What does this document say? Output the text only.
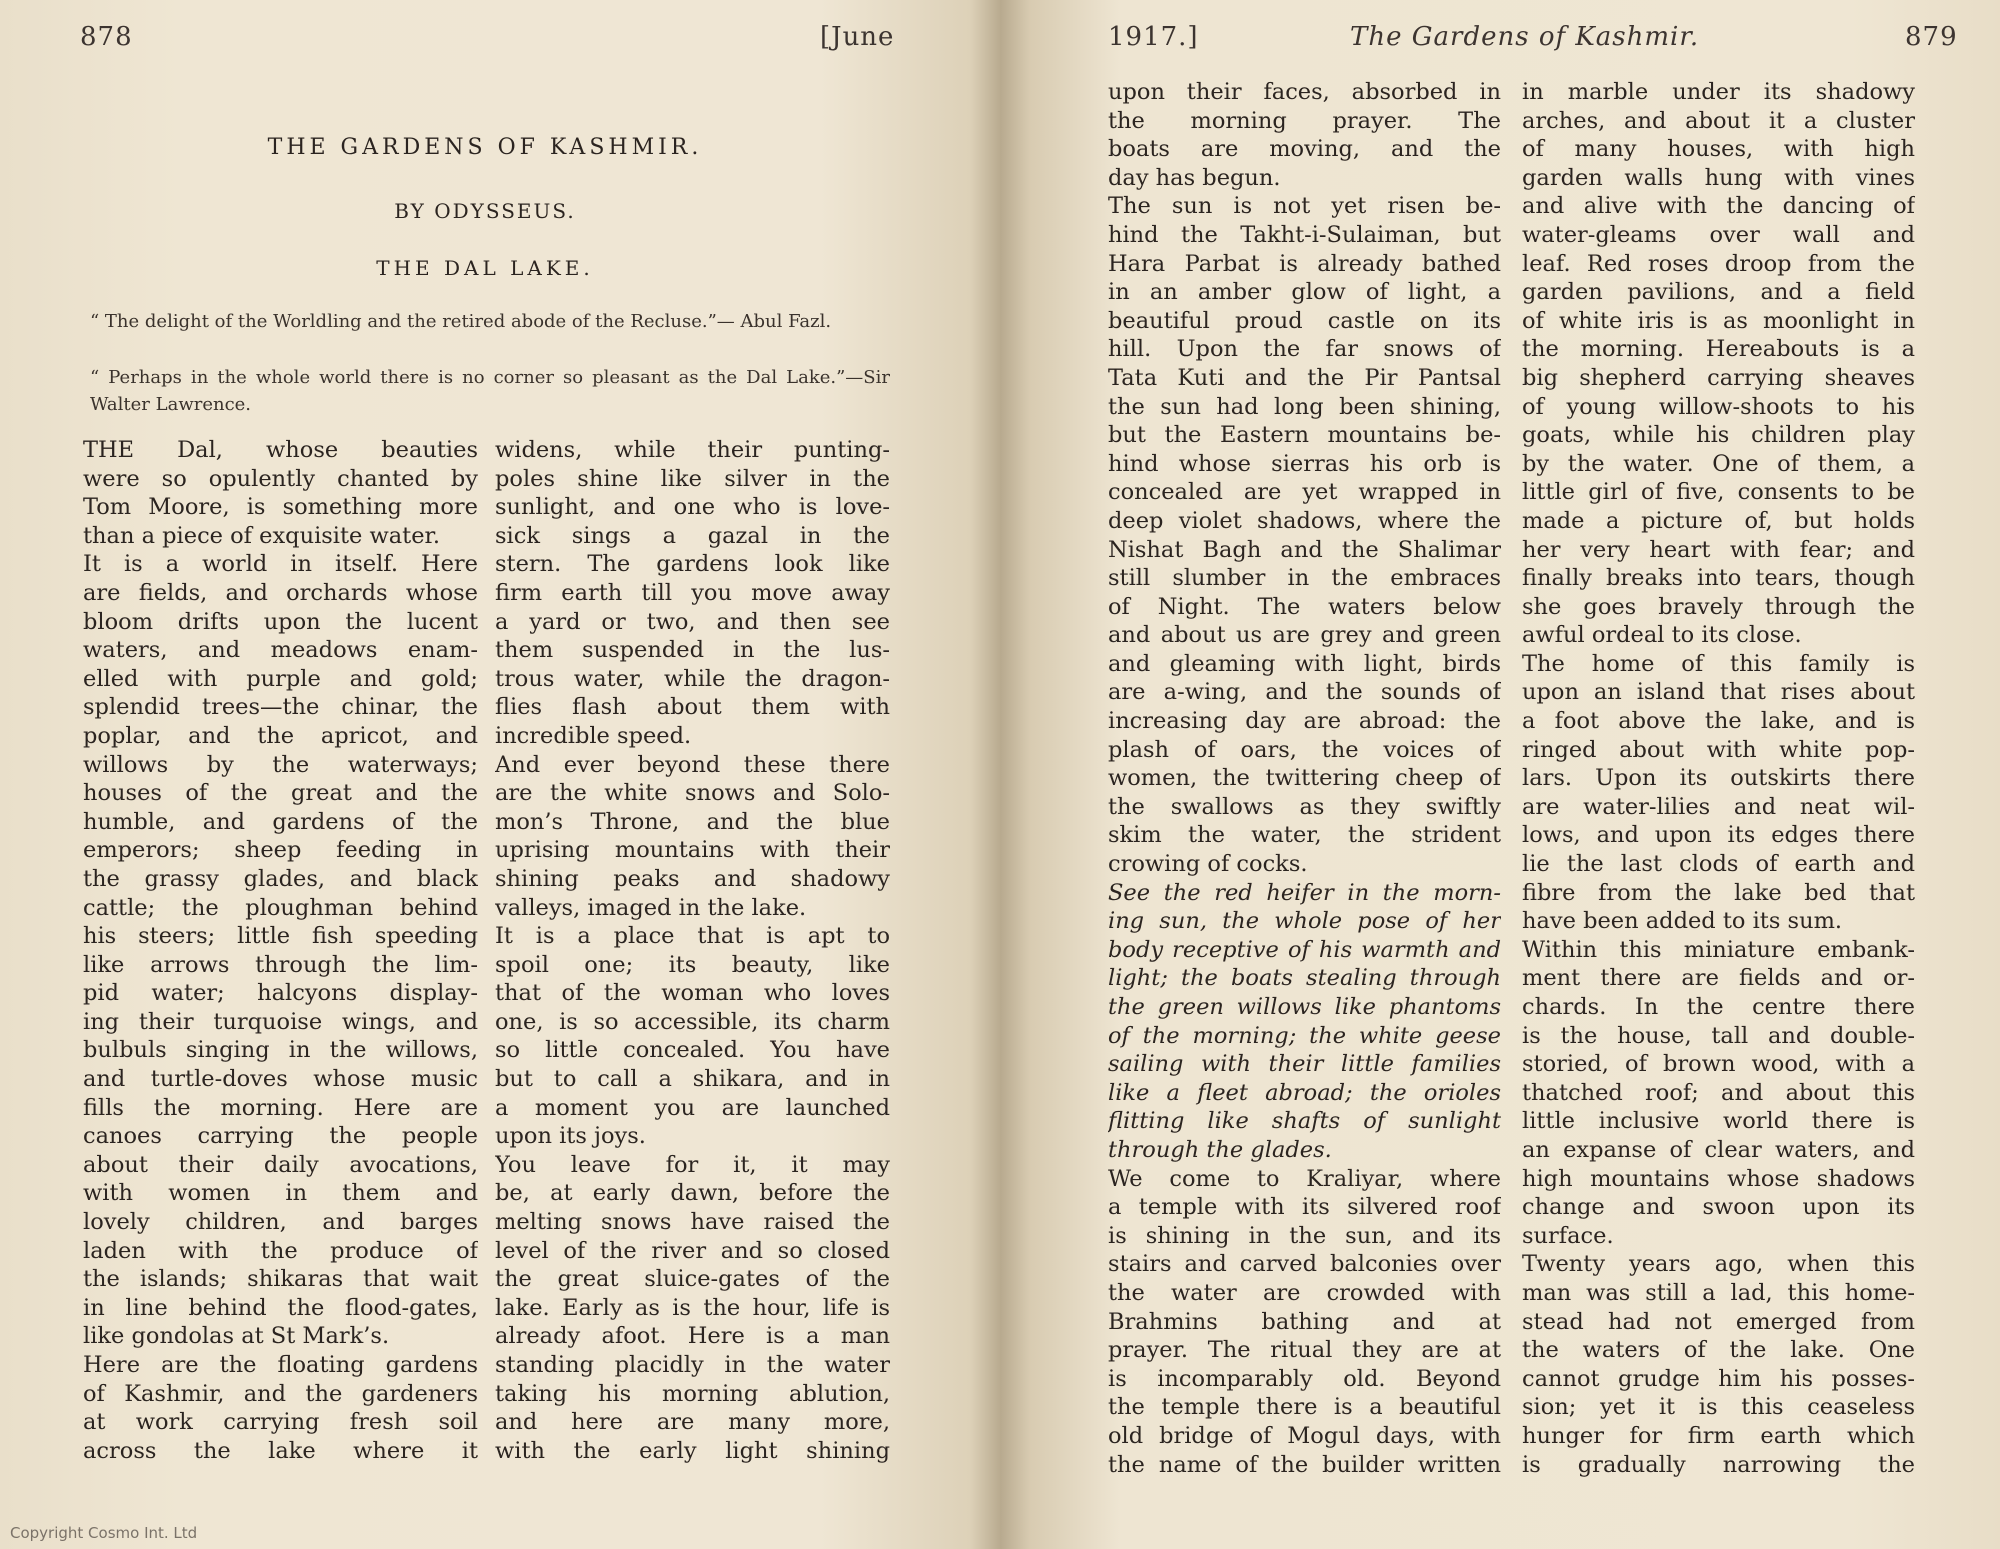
878	[June
THE GARDENS OF KASHMIR.
BY ODYSSEUS.
THE DAL LAKE.
“ The delight of the Worldling and the retired abode of the Recluse.”— Abul Fazl.
“ Perhaps in the whole world there is no corner so pleasant as the Dal Lake.”—Sir Walter Lawrence.
THE Dal, whose beauties
were so opulently chanted by
Tom Moore, is something more
than a piece of exquisite water.
It is a world in itself. Here
are fields, and orchards whose
bloom drifts upon the lucent
waters, and meadows enam-
elled with purple and gold;
splendid trees—the chinar, the
poplar, and the apricot, and
willows by the waterways;
houses of the great and the
humble, and gardens of the
emperors; sheep feeding in
the grassy glades, and black
cattle; the ploughman behind
his steers; little fish speeding
like arrows through the lim-
pid water; halcyons display-
ing their turquoise wings, and
bulbuls singing in the willows,
and turtle-doves whose music
fills the morning. Here are
canoes carrying the people
about their daily avocations,
with women in them and
lovely children, and barges
laden with the produce of
the islands; shikaras that wait
in line behind the flood-gates,
like gondolas at St Mark’s.
Here are the floating gardens
of Kashmir, and the gardeners
at work carrying fresh soil
across the lake where it
widens, while their punting-
poles shine like silver in the
sunlight, and one who is love-
sick sings a gazal in the
stern. The gardens look like
firm earth till you move away
a yard or two, and then see
them suspended in the lus-
trous water, while the dragon-
flies flash about them with
incredible speed.
And ever beyond these there
are the white snows and Solo-
mon’s Throne, and the blue
uprising mountains with their
shining peaks and shadowy
valleys, imaged in the lake.
It is a place that is apt to
spoil one; its beauty, like
that of the woman who loves
one, is so accessible, its charm
so little concealed. You have
but to call a shikara, and in
a moment you are launched
upon its joys.
You leave for it, it may
be, at early dawn, before the
melting snows have raised the
level of the river and so closed
the great sluice-gates of the
lake. Early as is the hour, life is
already afoot. Here is a man
standing placidly in the water
taking his morning ablution,
and here are many more,
with the early light shining
Copyright Cosmo Int. Ltd
1917.]	The Gardens of Kashmir.	879
upon their faces, absorbed in
the morning prayer. The
boats are moving, and the
day has begun.
The sun is not yet risen be-
hind the Takht-i-Sulaiman, but
Hara Parbat is already bathed
in an amber glow of light, a
beautiful proud castle on its
hill. Upon the far snows of
Tata Kuti and the Pir Pantsal
the sun had long been shining,
but the Eastern mountains be-
hind whose sierras his orb is
concealed are yet wrapped in
deep violet shadows, where the
Nishat Bagh and the Shalimar
still slumber in the embraces
of Night. The waters below
and about us are grey and green
and gleaming with light, birds
are a-wing, and the sounds of
increasing day are abroad: the
plash of oars, the voices of
women, the twittering cheep of
the swallows as they swiftly
skim the water, the strident
crowing of cocks.
See the red heifer in the morn-
ing sun, the whole pose of her
body receptive of his warmth and
light; the boats stealing through
the green willows like phantoms
of the morning; the white geese
sailing with their little families
like a fleet abroad; the orioles
flitting like shafts of sunlight
through the glades.
We come to Kraliyar, where
a temple with its silvered roof
is shining in the sun, and its
stairs and carved balconies over
the water are crowded with
Brahmins bathing and at
prayer. The ritual they are at
is incomparably old. Beyond
the temple there is a beautiful
old bridge of Mogul days, with
the name of the builder written
in marble under its shadowy
arches, and about it a cluster
of many houses, with high
garden walls hung with vines
and alive with the dancing of
water-gleams over wall and
leaf. Red roses droop from the
garden pavilions, and a field
of white iris is as moonlight in
the morning. Hereabouts is a
big shepherd carrying sheaves
of young willow-shoots to his
goats, while his children play
by the water. One of them, a
little girl of five, consents to be
made a picture of, but holds
her very heart with fear; and
finally breaks into tears, though
she goes bravely through the
awful ordeal to its close.
The home of this family is
upon an island that rises about
a foot above the lake, and is
ringed about with white pop-
lars. Upon its outskirts there
are water-lilies and neat wil-
lows, and upon its edges there
lie the last clods of earth and
fibre from the lake bed that
have been added to its sum.
Within this miniature embank-
ment there are fields and or-
chards. In the centre there
is the house, tall and double-
storied, of brown wood, with a
thatched roof; and about this
little inclusive world there is
an expanse of clear waters, and
high mountains whose shadows
change and swoon upon its
surface.
Twenty years ago, when this
man was still a lad, this home-
stead had not emerged from
the waters of the lake. One
cannot grudge him his posses-
sion; yet it is this ceaseless
hunger for firm earth which
is gradually narrowing the
